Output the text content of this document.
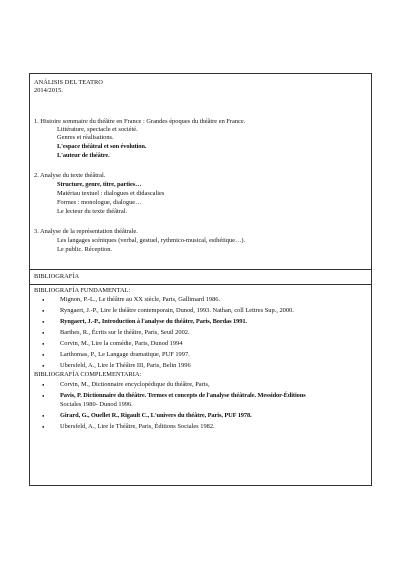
ANÁLISIS DEL TEATRO
2014/2015.
1. Histoire sommaire du théâtre en France : Grandes époques du théâtre en France.
Littérature, spectacle et société.
Genres et réalisations.
L'espace théâtral et son évolution.
L'auteur de théâtre.
2. Analyse du texte théâtral.
Structure, genre, titre, parties…
Matériau textuel : dialogues et didascalies
Formes : monologue, dialogue…
Le lecteur du texte théâtral.
3. Analyse de la représentation théâtrale.
Les langages scéniques (verbal, gestuel, rythmico-musical, esthétique…).
Le public. Réception.
BIBLIOGRAFÍA
BIBLIOGRAFÍA FUNDAMENTAL:
Mignon, P.-L., Le théâtre au XX siècle, Paris, Gallimard 1986.
Ryngaert, J.-P., Lire le théâtre contemporain, Dunod, 1993. Nathan, coll Lettres Sup., 2000.
Ryngaert, J.-P., Introduction à l'analyse du théâtre, Paris, Bordas 1991.
Barthes, R., Écrits sur le théâtre, Paris, Seuil 2002.
Corvin, M., Lire la comédie, Paris, Dunod 1994
Larthomas, P., Le Langage dramatique, PUF 1997.
Ubersfeld, A., Lire le Théâtre III, Paris, Belin 1996
BIBLIOGRAFÍA COMPLEMENTARIA:
Corvin, M., Dictionnaire encyclopédique du théâtre, Paris,
Pavis, P. Dictionnaire du théâtre. Termes et concepts de l'analyse théâtrale. Messidor-Éditions
Sociales 1980- Dunod 1996.
Girard, G., Ouellet R., Rigault C., L'univers du théâtre, Paris, PUF 1978.
Ubersfeld, A., Lire le Théâtre, Paris, Éditions Sociales 1982.
